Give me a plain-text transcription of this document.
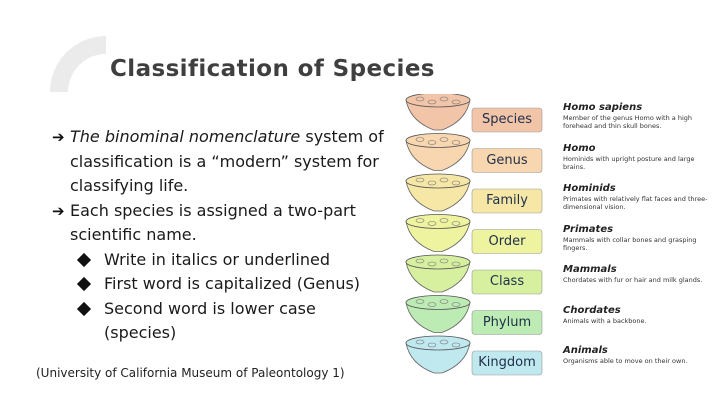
Classification of Species
➔ The binominal nomenclature system of classification is a “modern” system for classifying life.
➔ Each species is assigned a two-part scientific name.
Write in italics or underlined
First word is capitalized (Genus)
Second word is lower case (species)
(University of California Museum of Paleontology 1)
Species
Genus
Family
Order
Class
Phylum
Kingdom
Homo sapiens
Member of the genus Homo with a high forehead and thin skull bones.
Homo
Hominids with upright posture and large brains.
Hominids
Primates with relatively flat faces and three-dimensional vision.
Primates
Mammals with collar bones and grasping fingers.
Mammals
Chordates with fur or hair and milk glands.
Chordates
Animals with a backbone.
Animals
Organisms able to move on their own.
